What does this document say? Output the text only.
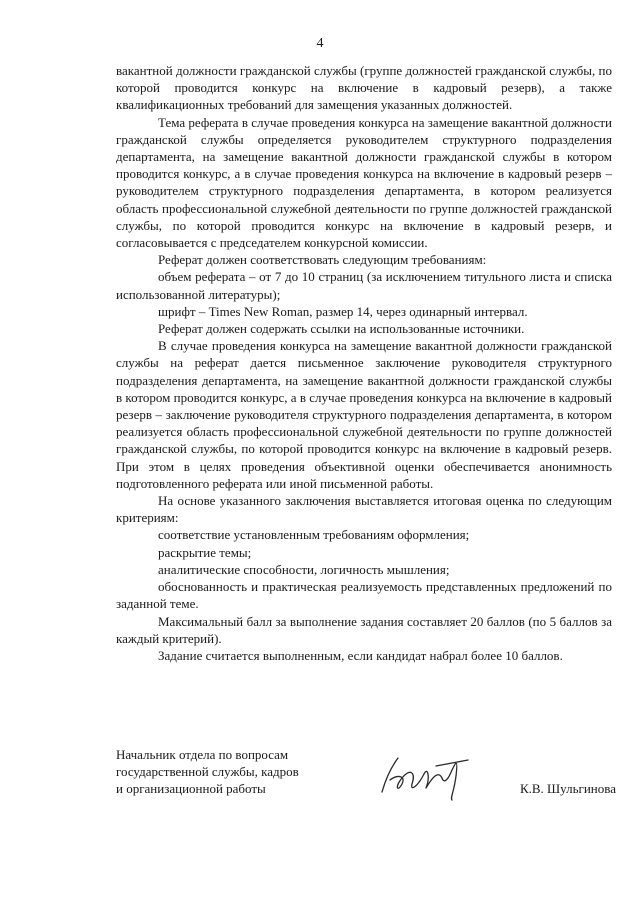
4

вакантной должности гражданской службы (группе должностей гражданской службы, по которой проводится конкурс на включение в кадровый резерв), а также квалификационных требований для замещения указанных должностей.

Тема реферата в случае проведения конкурса на замещение вакантной должности гражданской службы определяется руководителем структурного подразделения департамента, на замещение вакантной должности гражданской службы в котором проводится конкурс, а в случае проведения конкурса на включение в кадровый резерв – руководителем структурного подразделения департамента, в котором реализуется область профессиональной служебной деятельности по группе должностей гражданской службы, по которой проводится конкурс на включение в кадровый резерв, и согласовывается с председателем конкурсной комиссии.

Реферат должен соответствовать следующим требованиям:

объем реферата – от 7 до 10 страниц (за исключением титульного листа и списка использованной литературы);

шрифт – Times New Roman, размер 14, через одинарный интервал.

Реферат должен содержать ссылки на использованные источники.

В случае проведения конкурса на замещение вакантной должности гражданской службы на реферат дается письменное заключение руководителя структурного подразделения департамента, на замещение вакантной должности гражданской службы в котором проводится конкурс, а в случае проведения конкурса на включение в кадровый резерв – заключение руководителя структурного подразделения департамента, в котором реализуется область профессиональной служебной деятельности по группе должностей гражданской службы, по которой проводится конкурс на включение в кадровый резерв. При этом в целях проведения объективной оценки обеспечивается анонимность подготовленного реферата или иной письменной работы.

На основе указанного заключения выставляется итоговая оценка по следующим критериям:

соответствие установленным требованиям оформления;

раскрытие темы;

аналитические способности, логичность мышления;

обоснованность и практическая реализуемость представленных предложений по заданной теме.

Максимальный балл за выполнение задания составляет 20 баллов (по 5 баллов за каждый критерий).

Задание считается выполненным, если кандидат набрал более 10 баллов.

Начальник отдела по вопросам
государственной службы, кадров
и организационной работы	К.В. Шульгинова
